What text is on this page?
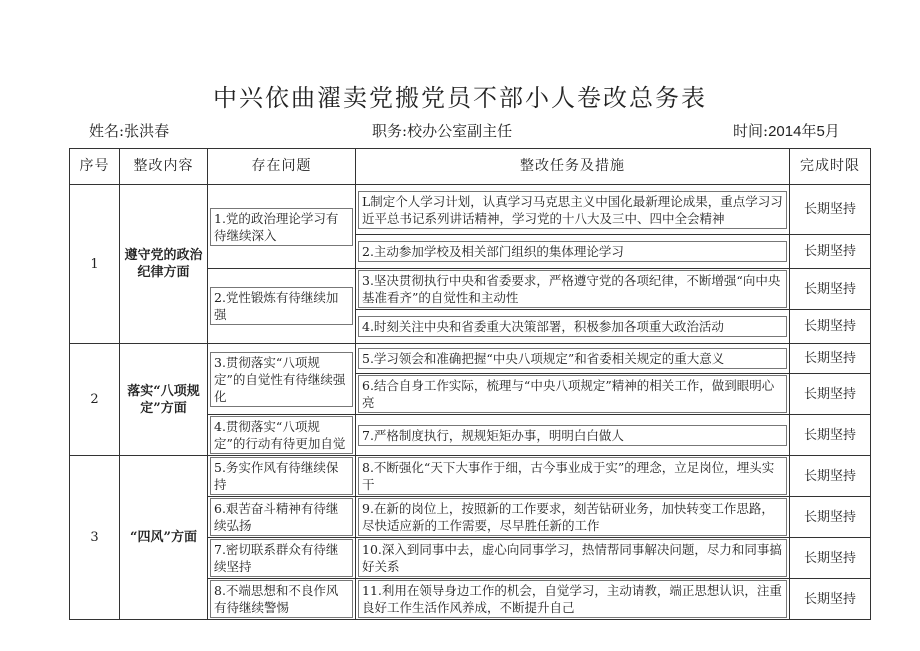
中兴依曲濯卖党搬党员不部小人卷改总务表
姓名:张洪春	职务:校办公室副主任	时间:2014年5月
序号	整改内容	存在问题	整改任务及措施	完成时限
1	遵守党的政治纪律方面	1.党的政治理论学习有待继续深入	L制定个人学习计划，认真学习马克思主义中国化最新理论成果，重点学习习近平总书记系列讲话精神，学习党的十八大及三中、四中全会精神	长期坚持

			2.主动参加学校及相关部门组织的集体理论学习	长期坚持

		2.党性锻炼有待继续加强	3.坚决贯彻执行中央和省委要求，严格遵守党的各项纪律，不断增强“向中央基准看齐”的自觉性和主动性	长期坚持

			4.时刻关注中央和省委重大决策部署，积极参加各项重大政治活动	长期坚持
2	落实“八项规定”方面	3.贯彻落实“八项规定”的自觉性有待继续强化	5.学习领会和准确把握“中央八项规定”和省委相关规定的重大意义	长期坚持

			6.结合自身工作实际，梳理与“中央八项规定”精神的相关工作，做到眼明心亮	长期坚持

		4.贯彻落实“八项规定”的行动有待更加自觉	7.严格制度执行，规规矩矩办事，明明白白做人	长期坚持
3	“四风”方面	5.务实作风有待继续保持	8.不断强化“天下大事作于细，古今事业成于实”的理念，立足岗位，埋头实干	长期坚持

		6.艰苦奋斗精神有待继续弘扬	9.在新的岗位上，按照新的工作要求，刻苦钻研业务，加快转变工作思路，尽快适应新的工作需要，尽早胜任新的工作	长期坚持

		7.密切联系群众有待继续坚持	10.深入到同事中去，虚心向同事学习，热情帮同事解决问题，尽力和同事搞好关系	长期坚持

		8.不端思想和不良作风有待继续警惕	11.利用在领导身边工作的机会，自觉学习，主动请教，端正思想认识，注重良好工作生活作风养成，不断提升自己	长期坚持
